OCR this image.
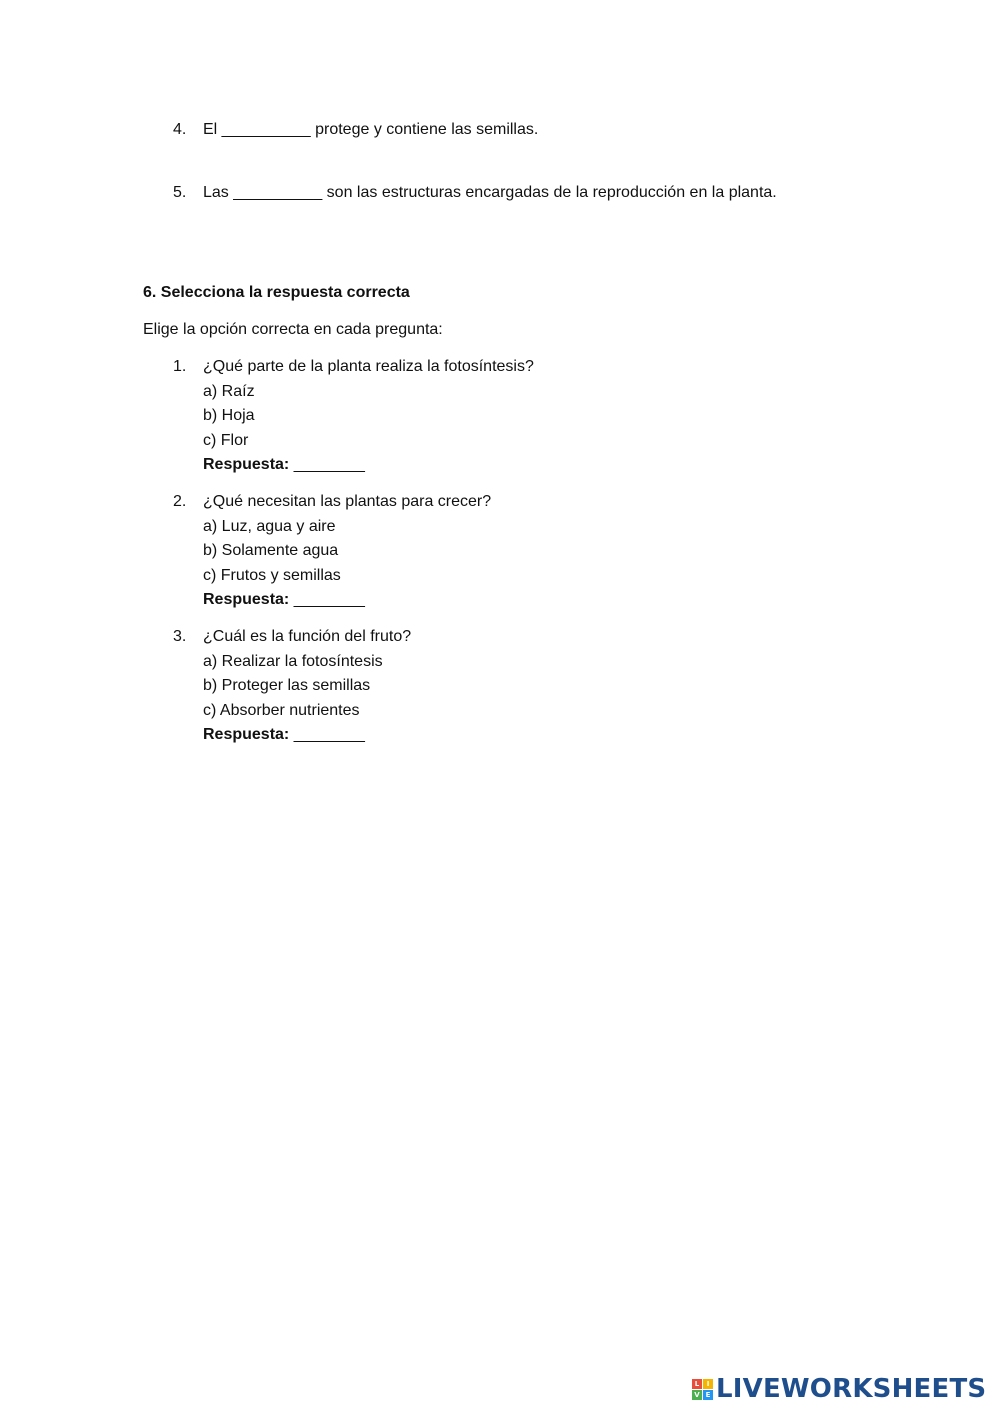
4.	El __________ protege y contiene las semillas.
5.	Las __________ son las estructuras encargadas de la reproducción en la planta.

6. Selecciona la respuesta correcta

Elige la opción correcta en cada pregunta:

1.	¿Qué parte de la planta realiza la fotosíntesis?
a) Raíz
b) Hoja
c) Flor
Respuesta: ________
2.	¿Qué necesitan las plantas para crecer?
a) Luz, agua y aire
b) Solamente agua
c) Frutos y semillas
Respuesta: ________
3.	¿Cuál es la función del fruto?
a) Realizar la fotosíntesis
b) Proteger las semillas
c) Absorber nutrientes
Respuesta: ________
L	I
V E LIVEWORKSHEETS
